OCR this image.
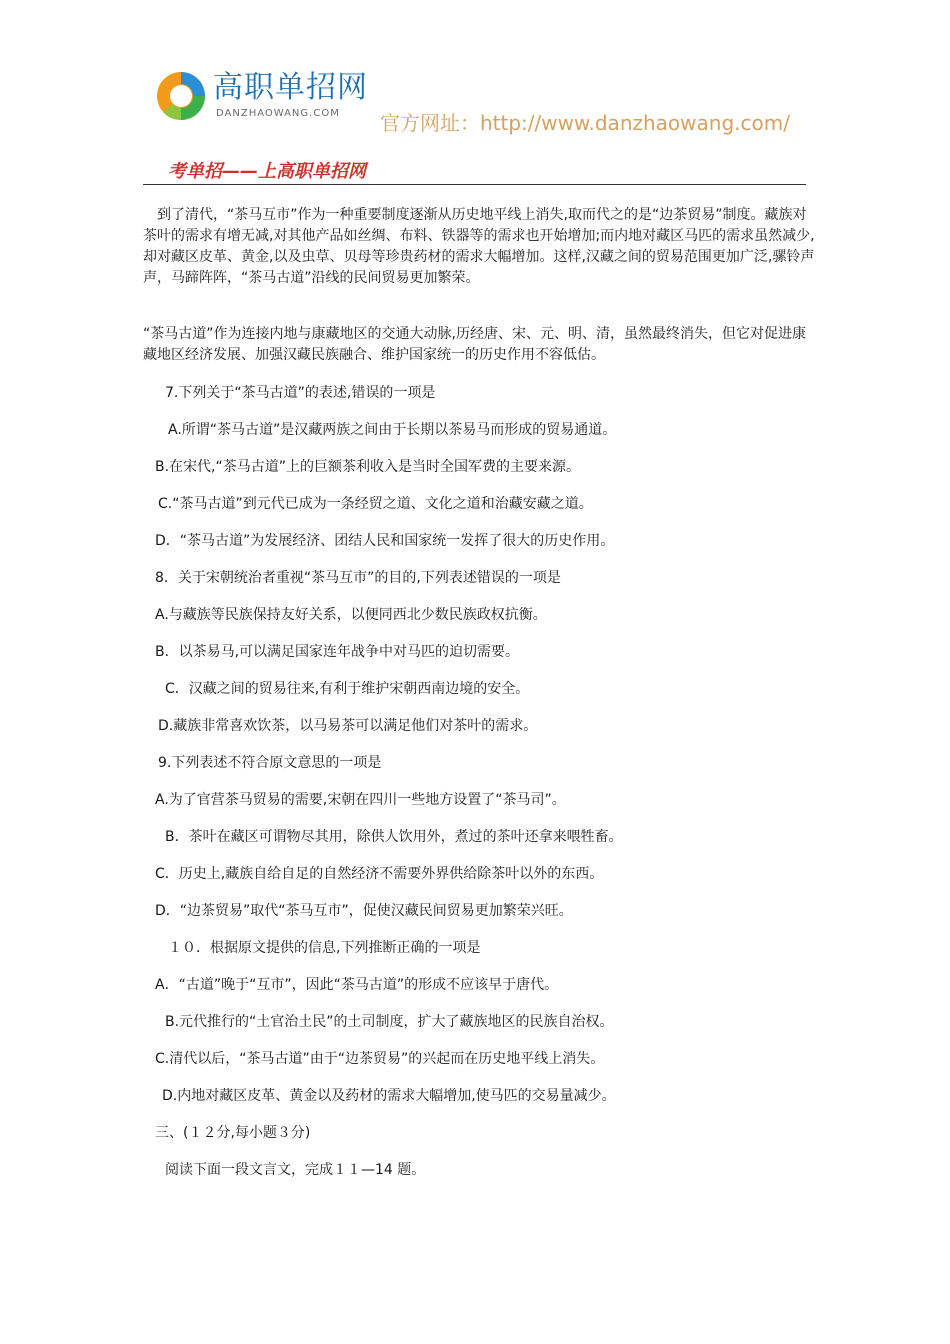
高职单招网
DANZHAOWANG.COM 官方网址：http://www.danzhaowang.com/
考单招——上高职单招网

　到了清代，“茶马互市”作为一种重要制度逐渐从历史地平线上消失,取而代之的是“边茶贸易”制度。藏族对茶叶的需求有增无减,对其他产品如丝绸、布料、铁器等的需求也开始增加;而内地对藏区马匹的需求虽然减少,却对藏区皮革、黄金,以及虫草、贝母等珍贵药材的需求大幅增加。这样,汉藏之间的贸易范围更加广泛,骡铃声声，马蹄阵阵，“茶马古道”沿线的民间贸易更加繁荣。

“茶马古道”作为连接内地与康藏地区的交通大动脉,历经唐、宋、元、明、清，虽然最终消失，但它对促进康藏地区经济发展、加强汉藏民族融合、维护国家统一的历史作用不容低估。

7.下列关于“茶马古道”的表述,错误的一项是
A.所谓“茶马古道”是汉藏两族之间由于长期以茶易马而形成的贸易通道。
B.在宋代,“茶马古道”上的巨额茶利收入是当时全国军费的主要来源。
C.“茶马古道”到元代已成为一条经贸之道、文化之道和治藏安藏之道。
D．“茶马古道”为发展经济、团结人民和国家统一发挥了很大的历史作用。
8．关于宋朝统治者重视“茶马互市”的目的,下列表述错误的一项是
A.与藏族等民族保持友好关系，以便同西北少数民族政权抗衡。
B．以茶易马,可以满足国家连年战争中对马匹的迫切需要。
C．汉藏之间的贸易往来,有利于维护宋朝西南边境的安全。
D.藏族非常喜欢饮茶，以马易茶可以满足他们对茶叶的需求。
9.下列表述不符合原文意思的一项是
A.为了官营茶马贸易的需要,宋朝在四川一些地方设置了“茶马司”。
B．茶叶在藏区可谓物尽其用，除供人饮用外，煮过的茶叶还拿来喂牲畜。
C．历史上,藏族自给自足的自然经济不需要外界供给除茶叶以外的东西。
D．“边茶贸易”取代“茶马互市”，促使汉藏民间贸易更加繁荣兴旺。
１０．根据原文提供的信息,下列推断正确的一项是
A．“古道”晚于“互市”，因此“茶马古道”的形成不应该早于唐代。
B.元代推行的“土官治土民”的土司制度，扩大了藏族地区的民族自治权。
C.清代以后，“茶马古道”由于“边茶贸易”的兴起而在历史地平线上消失。
D.内地对藏区皮革、黄金以及药材的需求大幅增加,使马匹的交易量减少。
三、(１２分,每小题３分)
阅读下面一段文言文，完成１１—14 题。
